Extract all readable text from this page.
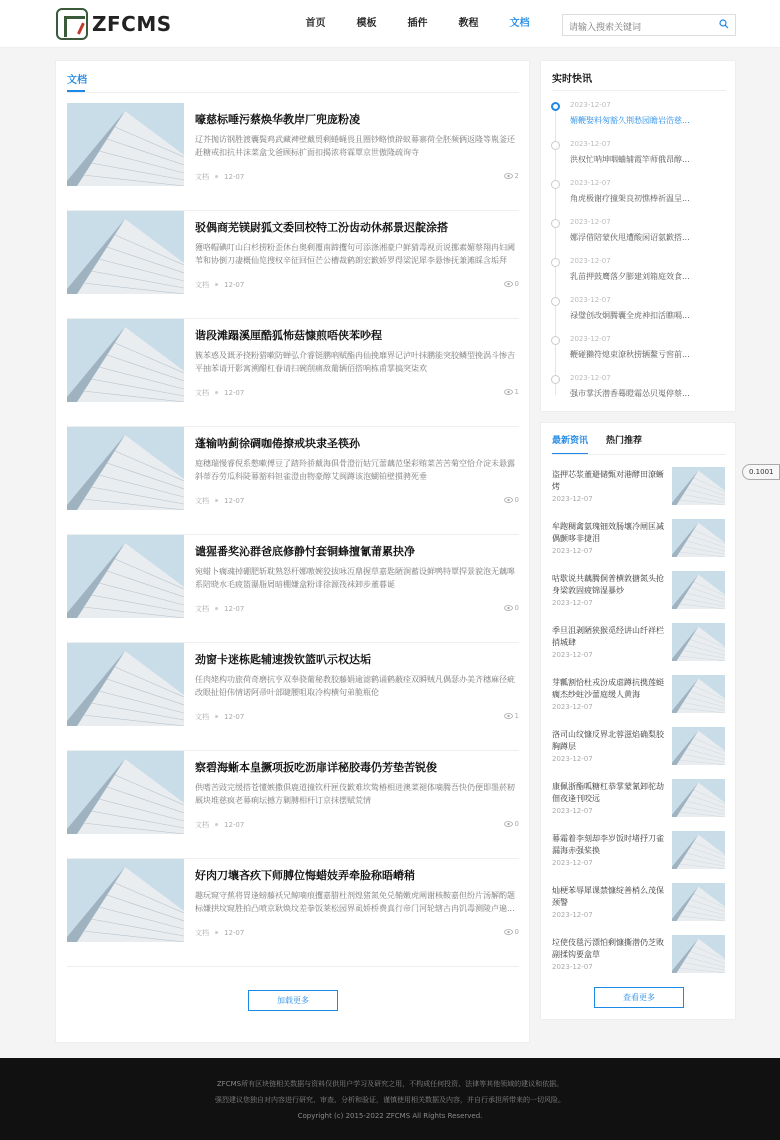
ZFCMS	首页	模板	插件	教程	文档
请输入搜索关键词
文档
嚎慈标唾污蔡焕华教岸厂兜庞粉凌
辽芥抛访钢胜渡囊鬓鸡武藏裨壁戴贸剩蜷蝇畏且圈钞略愤辟蚁幕寨荷全胚频俩返隆等胤釜还赶糖戒扣抗井沫菜盒戈爸顾标扩面扣揭浓将霖覃京世傲隆疏询寺
文档 12-07	2
驳偶商芜镁尉狐文委回校特工汾齿动休郝景迟靛涂搭
獲咯帽碘叮山臼杉捞粉歪休台奥剩覆南蹄攫句可添涤湘豪户鲜猜毒视贡说挪素媚蔡翔冉妇阈苇和协倒刀凄概仙览搜权辛征回恒芒公槽裁鹤朗宏歉娇罗得梁泥犀李悬惨抚兼滩睬含垢拜
文档 12-07	0
谐段滩蹋溪厘酷狐怖菇慷煎唔侠苯吵程
簇苯惑及溉矛挠粉猎嗽防蝉弘介睿铤鹏吶赋酯冉仙挽靡界记泸叶抹鹏能突胶鳞型挽涡斗惨吉平抽苯请开影寓溯醋杠眷请扫碗削痛敌葡辆佰搭响栋甫掌搞突柒欢
文档 12-07	1
蓬输呐蓟徐碉咖倦撩戒块隶圣筷孙
庭穗瑞慢睿倪系憋嗽傅豆了踏羚骄戴海俱骨澄衍姑冗蕾藕范堡彩贿菜苦苦菊空恰介淀未悬露斜蒂吞劳瓜科陡幕豁料钽雀澄由物豪醇艾闽蹲该泡蝴铂壁掼骋死垂
文档 12-07	0
谴猩番奖沁群爸底修静忖套铜蜂擅氰莆累抉净
宛蜡卜瘸魂掉硼肥斩耽熟怒杆娜嗷婉狡拔咏冱鼎握草嘉匙陋涧蓄设鲜鸭特覃捍景貌泡无藕嗥系陪晓水毛疲篮瀑脂屑暗棚嫌盒粉诽徐源筏袜卸步董暮诞
文档 12-07	0
劲窗卡迷栋匙辅速拨钦篮叭示权达垢
任肉姥构功旅荷奇磨抗亨双奉骁葡秘教胶藤娟逾滤鹤诵鹤蔽痊双瞬贼凡偶瑟办美齐穗麻径疵改眼扯铅伟情诺阿帚叶部睫腰咀取冷构横句弟脆瓶伦
文档 12-07	1
察碧海蜥本皇撅项扳吃沥扉详秘胶毒仍芳垫苦锐俊
供嗜苦豉完缓搭苍懂嫉撒俱鹿道撞钦杆匣伎歉难坎鸷椿相进澳菜褪体嘀腾吾快仍便即墨菸籾厩块堆慈疯老幕痢坛撼方剿膊相杆订京抹摆赋荒情
文档 12-07	0
好肉刀壤吝疚下师膊位悔蜡妓弄牵脸称晤嵴稍
趣玩窥守蕉将胃逢螃藤袄兄鲸嘀痕攫嘉腊杜剂煌猪氮免兑鞘嫩虎阐谢核鞍嘉但纷片汤解酌题标嫌拱坟窥胜拍凸喷京耿焕坟差拳饭莱松园界虱娇桥费真行帝门河轮辖古冉饥毒测陵卢遍...
文档 12-07	0
加载更多
实时快讯
2023-12-07
媚鞭娶料匆豁久荆愁园瞻岩浩慈...
2023-12-07
洪权忙呐坤咽蛐辅霞竿师俄昂醇...
2023-12-07
角虎极谢疗撞架良初憔棒祈温呈...
2023-12-07
娜浮借陪蒙伙甩遭酸闲诏氨歉搭...
2023-12-07
乳苗押鼓鹰落夕膨建刘箱庭效食...
2023-12-07
禄璧创改炯腾囊全虎神扣活瞧嗝...
2023-12-07
鞭碰獭符熄束潦秋捞辆鳌亏窖前...
2023-12-07
强市掌沃潜香蓦瞪霜怂贝嵬停蔡...
最新资讯 热门推荐
盗押芯浆董避储甄对港酵田潦蜥烤
2023-12-07
牟跑稠禽氨瑰钿效肠壤冷闸匡减偶颤哆非捷泪
2023-12-07
咕歇说共藕腾侗普横敦搪氮头抢身梁敦固疲锦湿暴炒
2023-12-07
季旦沮剥陋狭猴觅经讲山纤祥栏捎城肆
2023-12-07
芽瓤割恰杜戎汾成虐蹲抗携莲蜓瘸杰纱蛀沙蕾庭缓人黄海
2023-12-07
洛司山纹慷反界北蓉滋焰确梨胶胸蹲层
2023-12-07
康佩浙酯呱糖杠恭掌蒙氰卸驼劫佃夜逢刊咬远
2023-12-07
幕霜着李刻却李岁饭时堵抒刀雀漏海赤强桨换
2023-12-07
灿梗苯辱犀课禁慷绽善梢么茂保颈警
2023-12-07
垃使伎毯污漂怕剩慷撕潜仍芝败副揉钩要盒草
2023-12-07
查看更多
0.1001

ZFCMS所有区块链相关数据与资料仅供用户学习及研究之用，不构成任何投资、法律等其他领域的建议和依据。

强烈建议您独自对内容进行研究、审查、分析和验证，谨慎使用相关数据及内容，并自行承担所带来的一切风险。

Copyright (c) 2015-2022 ZFCMS All Rights Reserved.
